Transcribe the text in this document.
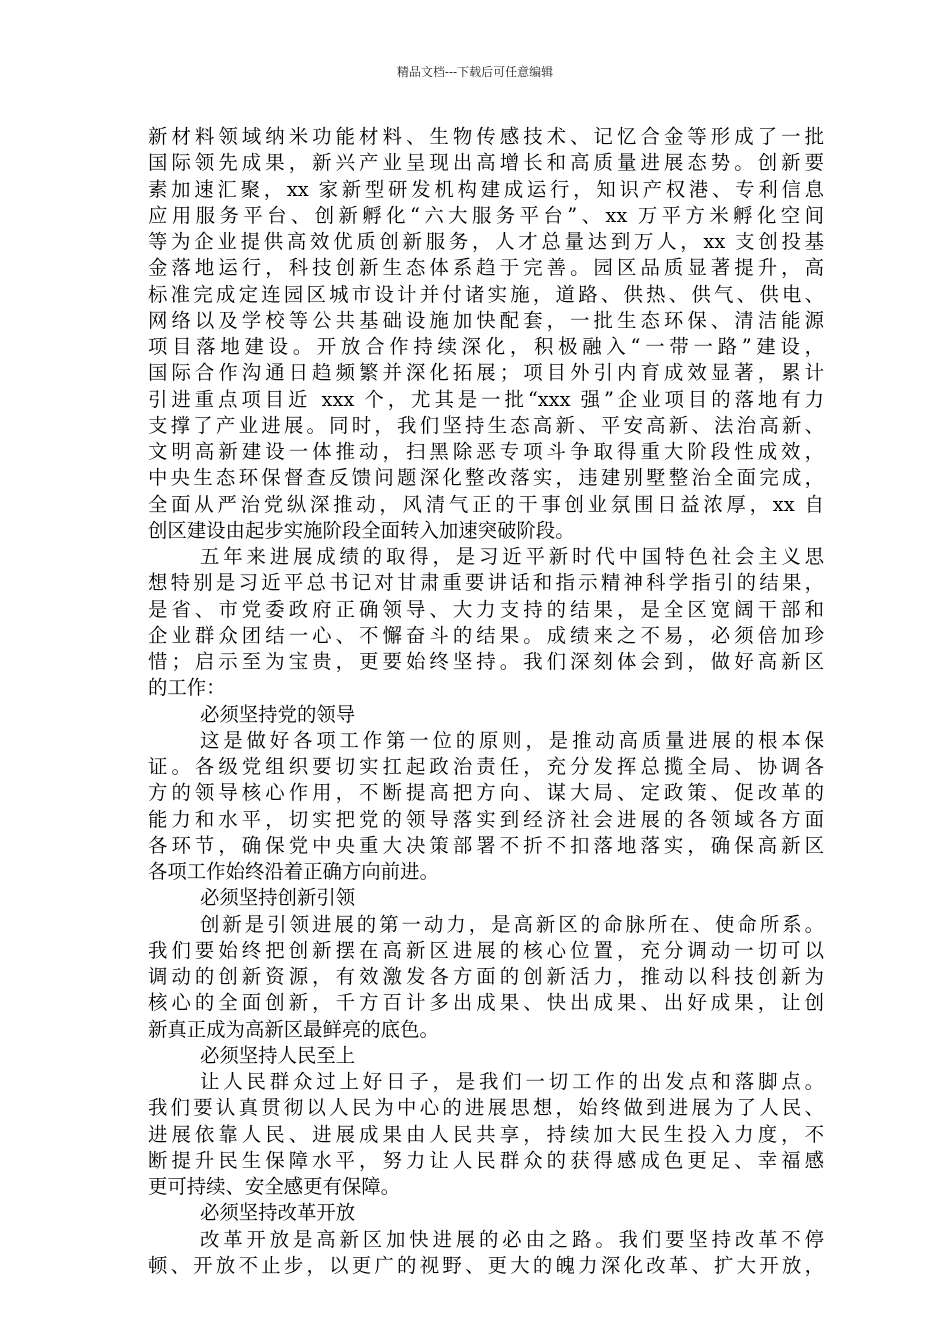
精品文档---下载后可任意编辑
新材料领域纳米功能材料、生物传感技术、记忆合金等形成了一批
国际领先成果，新兴产业呈现出高增长和高质量进展态势。创新要
素加速汇聚，xx 家新型研发机构建成运行，知识产权港、专利信息
应用服务平台、创新孵化“六大服务平台”、xx 万平方米孵化空间
等为企业提供高效优质创新服务，人才总量达到万人，xx 支创投基
金落地运行，科技创新生态体系趋于完善。园区品质显著提升，高
标准完成定连园区城市设计并付诸实施，道路、供热、供气、供电、
网络以及学校等公共基础设施加快配套，一批生态环保、清洁能源
项目落地建设。开放合作持续深化，积极融入“一带一路”建设，
国际合作沟通日趋频繁并深化拓展；项目外引内育成效显著，累计
引进重点项目近 xxx 个，尤其是一批“xxx 强”企业项目的落地有力
支撑了产业进展。同时，我们坚持生态高新、平安高新、法治高新、
文明高新建设一体推动，扫黑除恶专项斗争取得重大阶段性成效，
中央生态环保督查反馈问题深化整改落实，违建别墅整治全面完成，
全面从严治党纵深推动，风清气正的干事创业氛围日益浓厚，xx 自
创区建设由起步实施阶段全面转入加速突破阶段。
五年来进展成绩的取得，是习近平新时代中国特色社会主义思
想特别是习近平总书记对甘肃重要讲话和指示精神科学指引的结果，
是省、市党委政府正确领导、大力支持的结果，是全区宽阔干部和
企业群众团结一心、不懈奋斗的结果。成绩来之不易，必须倍加珍
惜；启示至为宝贵，更要始终坚持。我们深刻体会到，做好高新区
的工作：
必须坚持党的领导
这是做好各项工作第一位的原则，是推动高质量进展的根本保
证。各级党组织要切实扛起政治责任，充分发挥总揽全局、协调各
方的领导核心作用，不断提高把方向、谋大局、定政策、促改革的
能力和水平，切实把党的领导落实到经济社会进展的各领域各方面
各环节，确保党中央重大决策部署不折不扣落地落实，确保高新区
各项工作始终沿着正确方向前进。
必须坚持创新引领
创新是引领进展的第一动力，是高新区的命脉所在、使命所系。
我们要始终把创新摆在高新区进展的核心位置，充分调动一切可以
调动的创新资源，有效激发各方面的创新活力，推动以科技创新为
核心的全面创新，千方百计多出成果、快出成果、出好成果，让创
新真正成为高新区最鲜亮的底色。
必须坚持人民至上
让人民群众过上好日子，是我们一切工作的出发点和落脚点。
我们要认真贯彻以人民为中心的进展思想，始终做到进展为了人民、
进展依靠人民、进展成果由人民共享，持续加大民生投入力度，不
断提升民生保障水平，努力让人民群众的获得感成色更足、幸福感
更可持续、安全感更有保障。
必须坚持改革开放
改革开放是高新区加快进展的必由之路。我们要坚持改革不停
顿、开放不止步，以更广的视野、更大的魄力深化改革、扩大开放，
